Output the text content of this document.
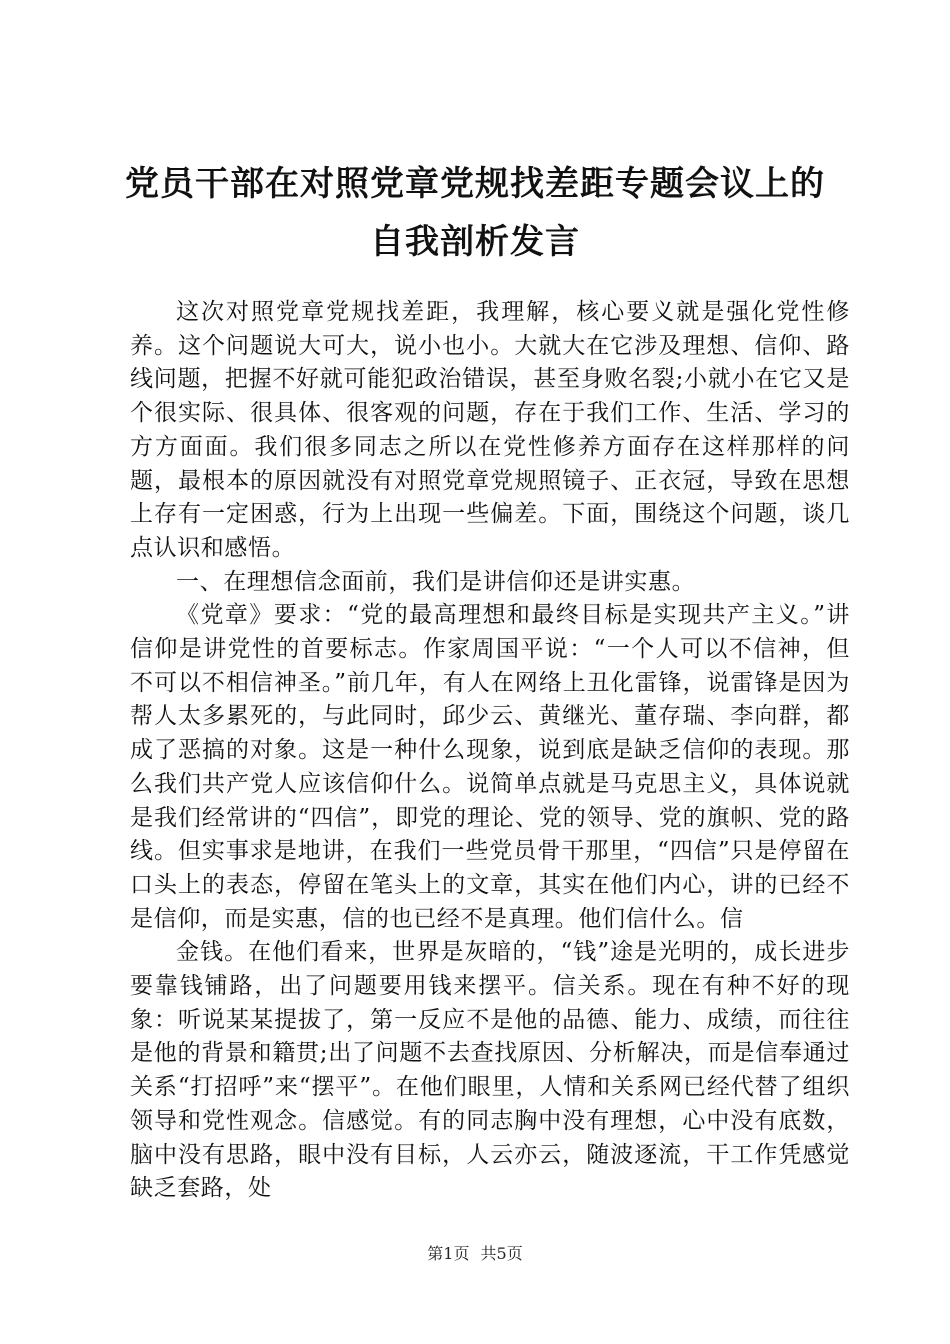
党员干部在对照党章党规找差距专题会议上的
自我剖析发言

这次对照党章党规找差距，我理解，核心要义就是强化党性修养。这个问题说大可大，说小也小。大就大在它涉及理想、信仰、路线问题，把握不好就可能犯政治错误，甚至身败名裂;小就小在它又是个很实际、很具体、很客观的问题，存在于我们工作、生活、学习的方方面面。我们很多同志之所以在党性修养方面存在这样那样的问题，最根本的原因就没有对照党章党规照镜子、正衣冠，导致在思想上存有一定困惑，行为上出现一些偏差。下面，围绕这个问题，谈几点认识和感悟。

一、在理想信念面前，我们是讲信仰还是讲实惠。

《党章》要求：“党的最高理想和最终目标是实现共产主义。”讲信仰是讲党性的首要标志。作家周国平说：“一个人可以不信神，但不可以不相信神圣。”前几年，有人在网络上丑化雷锋，说雷锋是因为帮人太多累死的，与此同时，邱少云、黄继光、董存瑞、李向群，都成了恶搞的对象。这是一种什么现象，说到底是缺乏信仰的表现。那么我们共产党人应该信仰什么。说简单点就是马克思主义，具体说就是我们经常讲的“四信”，即党的理论、党的领导、党的旗帜、党的路线。但实事求是地讲，在我们一些党员骨干那里，“四信”只是停留在口头上的表态，停留在笔头上的文章，其实在他们内心，讲的已经不是信仰，而是实惠，信的也已经不是真理。他们信什么。信

金钱。在他们看来，世界是灰暗的，“钱”途是光明的，成长进步要靠钱铺路，出了问题要用钱来摆平。信关系。现在有种不好的现象：听说某某提拔了，第一反应不是他的品德、能力、成绩，而往往是他的背景和籍贯;出了问题不去查找原因、分析解决，而是信奉通过关系“打招呼”来“摆平”。在他们眼里，人情和关系网已经代替了组织领导和党性观念。信感觉。有的同志胸中没有理想，心中没有底数，脑中没有思路，眼中没有目标，人云亦云，随波逐流，干工作凭感觉缺乏套路，处

第1页 共5页
